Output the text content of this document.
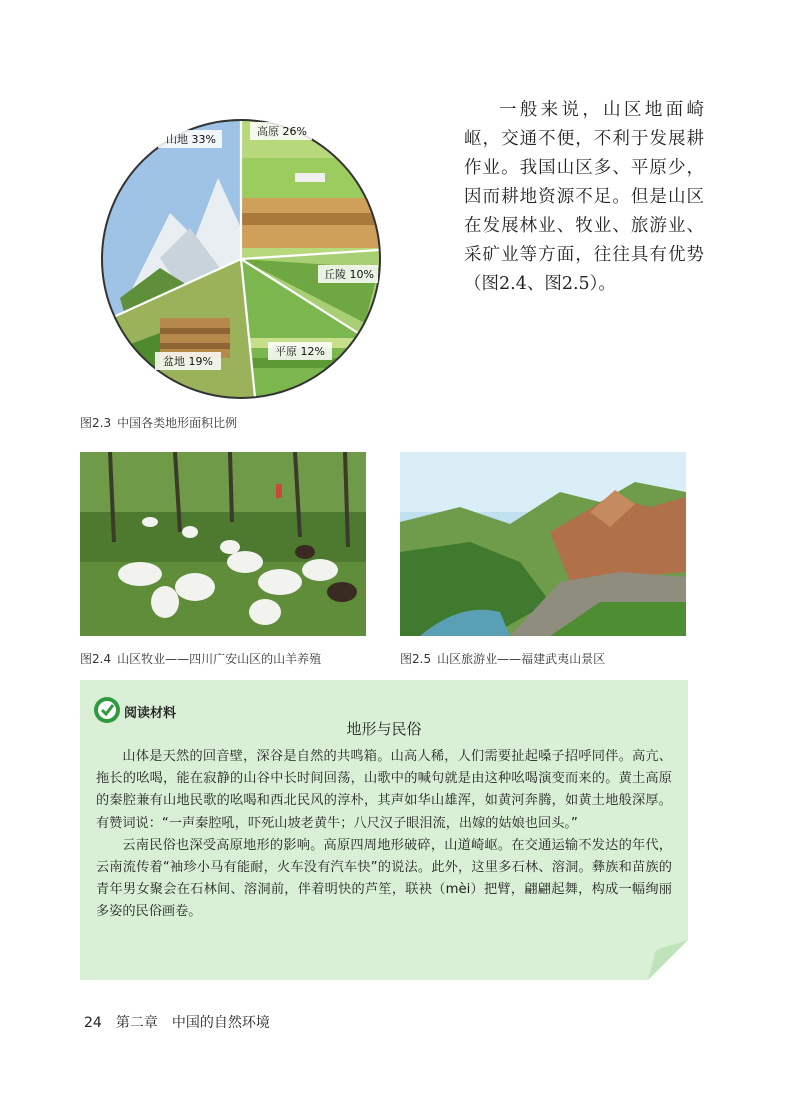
山地 33%
高原 26%
丘陵 10%
平原 12%
盆地 19%

一般来说，山区地面崎岖，交通不便，不利于发展耕作业。我国山区多、平原少，因而耕地资源不足。但是山区在发展林业、牧业、旅游业、采矿业等方面，往往具有优势（图2.4、图2.5）。

图2.3 中国各类地形面积比例
图2.4 山区牧业——四川广安山区的山羊养殖	图2.5 山区旅游业——福建武夷山景区
阅读材料
地形与民俗

山体是天然的回音壁，深谷是自然的共鸣箱。山高人稀，人们需要扯起嗓子招呼同伴。高亢、拖长的吆喝，能在寂静的山谷中长时间回荡，山歌中的喊句就是由这种吆喝演变而来的。黄土高原的秦腔兼有山地民歌的吆喝和西北民风的淳朴，其声如华山雄浑，如黄河奔腾，如黄土地般深厚。有赞词说：“一声秦腔吼，吓死山坡老黄牛；八尺汉子眼泪流，出嫁的姑娘也回头。”

云南民俗也深受高原地形的影响。高原四周地形破碎，山道崎岖。在交通运输不发达的年代，云南流传着“袖珍小马有能耐，火车没有汽车快”的说法。此外，这里多石林、溶洞。彝族和苗族的青年男女聚会在石林间、溶洞前，伴着明快的芦笙，联袂（mèi）把臂，翩翩起舞，构成一幅绚丽多姿的民俗画卷。

24 第二章 中国的自然环境
